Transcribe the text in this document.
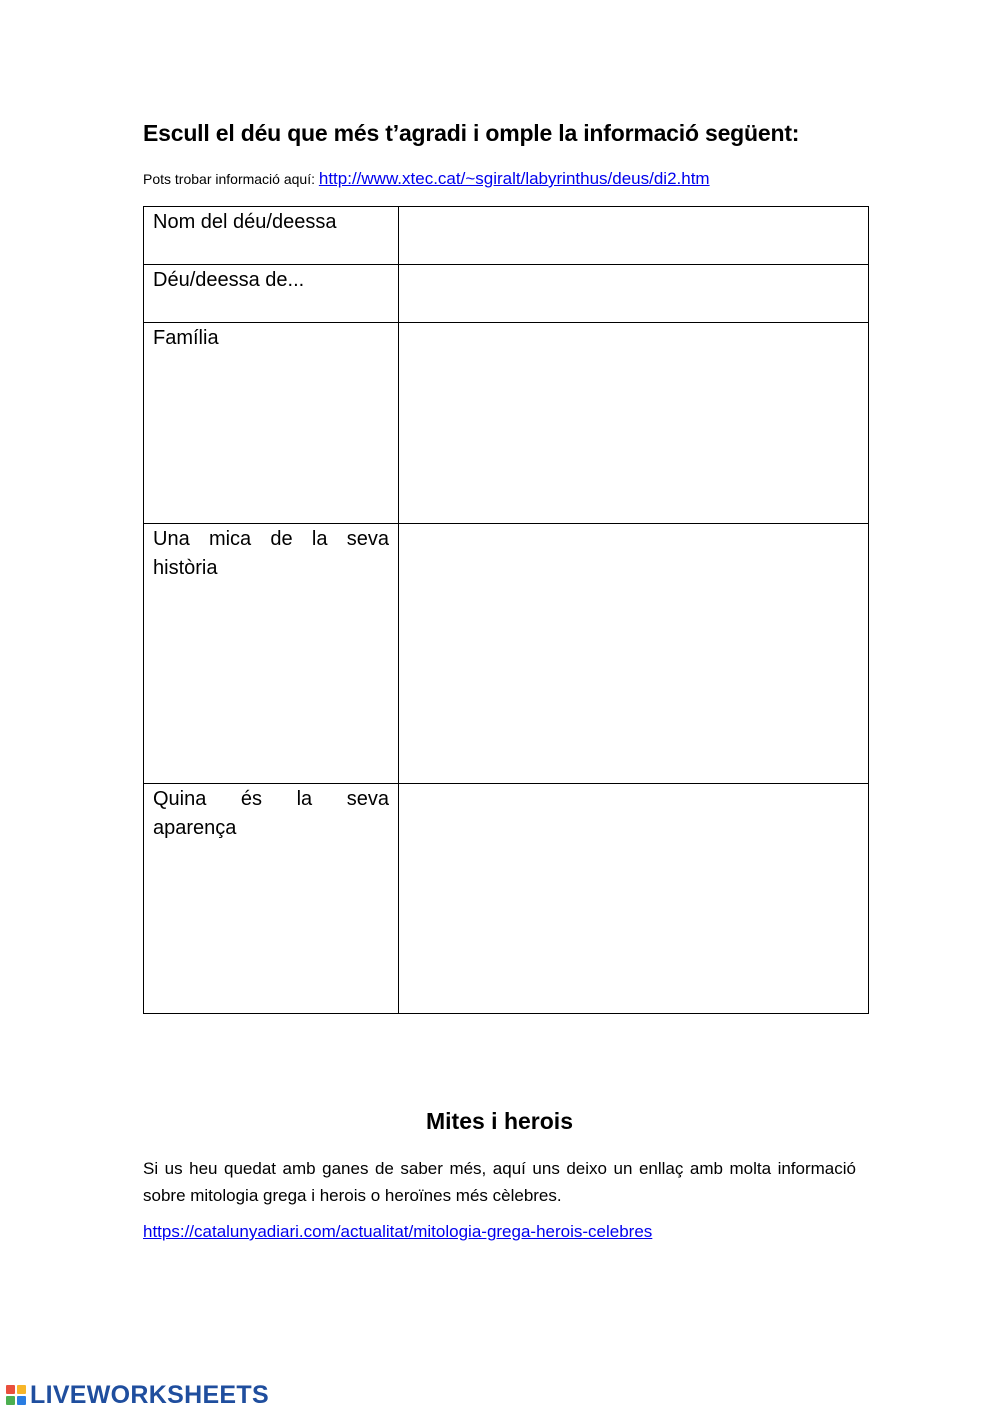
Escull el déu que més t’agradi i omple la informació següent:
Pots trobar informació aquí: http://www.xtec.cat/~sgiralt/labyrinthus/deus/di2.htm
Nom del déu/deessa	

Déu/deessa de...	

Família	

Una mica de la seva història	

Quina és la seva aparença	
Mites i herois
Si us heu quedat amb ganes de saber més, aquí uns deixo un enllaç amb molta informació sobre mitologia grega i herois o heroïnes més cèlebres.
https://catalunyadiari.com/actualitat/mitologia-grega-herois-celebres
LIVEWORKSHEETS
